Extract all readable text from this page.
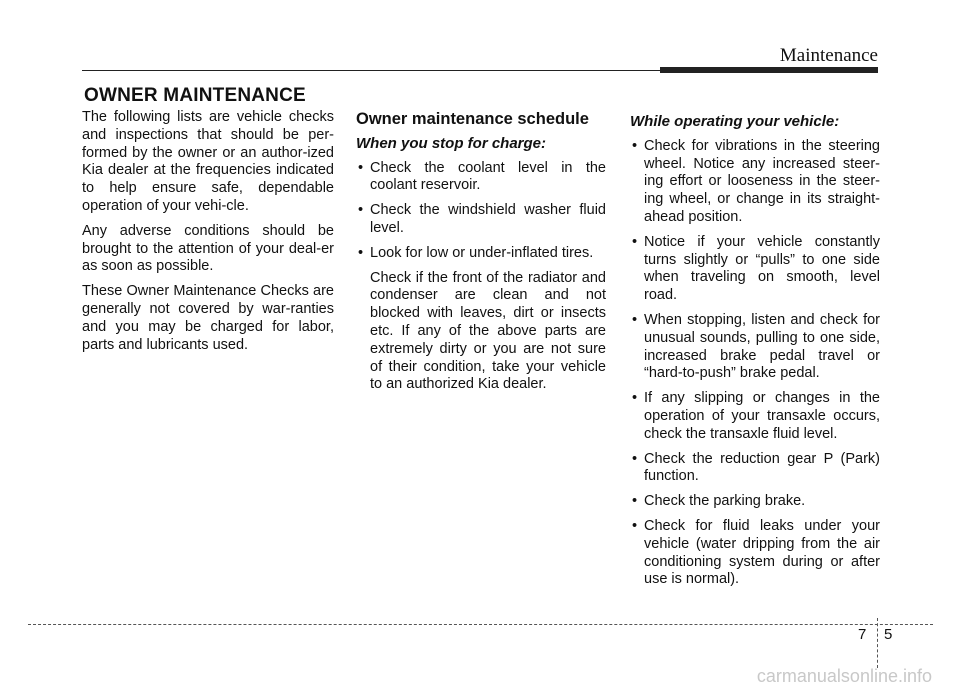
Maintenance
OWNER MAINTENANCE

The following lists are vehicle checks and inspections that should be per-formed by the owner or an author-ized Kia dealer at the frequencies indicated to help ensure safe, dependable operation of your vehi-cle.

Any adverse conditions should be brought to the attention of your deal-er as soon as possible.

These Owner Maintenance Checks are generally not covered by war-ranties and you may be charged for labor, parts and lubricants used.

Owner maintenance schedule
When you stop for charge:
• Check the coolant level in the coolant reservoir.
• Check the windshield washer fluid level.
• Look for low or under-inflated tires.

Check if the front of the radiator and condenser are clean and not blocked with leaves, dirt or insects etc. If any of the above parts are extremely dirty or you are not sure of their condition, take your vehicle to an authorized Kia dealer.

While operating your vehicle:
• Check for vibrations in the steering wheel. Notice any increased steer-ing effort or looseness in the steer-ing wheel, or change in its straight-ahead position.
• Notice if your vehicle constantly turns slightly or “pulls” to one side when traveling on smooth, level road.
• When stopping, listen and check for unusual sounds, pulling to one side, increased brake pedal travel or “hard-to-push” brake pedal.
• If any slipping or changes in the operation of your transaxle occurs, check the transaxle fluid level.
• Check the reduction gear P (Park) function.
• Check the parking brake.
• Check for fluid leaks under your vehicle (water dripping from the air conditioning system during or after use is normal).
7 5
carmanualsonline.info
